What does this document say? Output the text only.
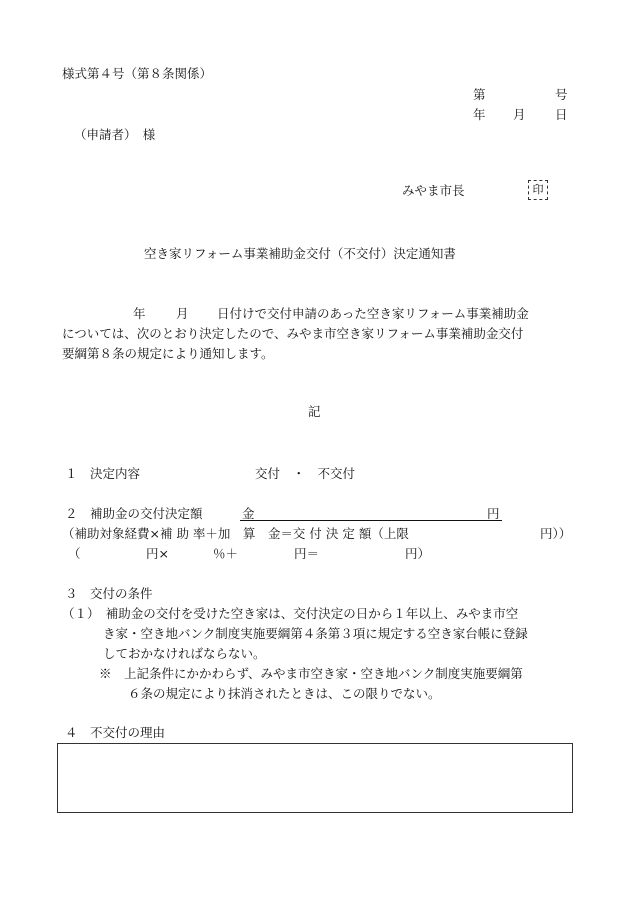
様式第４号（第８条関係）
第	号
年 月 日
（申請者）　様
みやま市長	印
空き家リフォーム事業補助金交付（不交付）決定通知書
年 月 日付けで交付申請のあった空き家リフォーム事業補助金
については、次のとおり決定したので、みやま市空き家リフォーム事業補助金交付
要綱第８条の規定により通知します。
記
１　決定内容	交付　・　不交付
２　補助金の交付決定額	金	円
（補助対象経費×補 助 率＋加　算　金＝交 付 決 定 額（上限	円））
（	円×	％＋	円＝	円）
３　交付の条件
（１）　補助金の交付を受けた空き家は、交付決定の日から１年以上、みやま市空
き家・空き地バンク制度実施要綱第４条第３項に規定する空き家台帳に登録
しておかなければならない。
※　上記条件にかかわらず、みやま市空き家・空き地バンク制度実施要綱第
６条の規定により抹消されたときは、この限りでない。
４　不交付の理由
